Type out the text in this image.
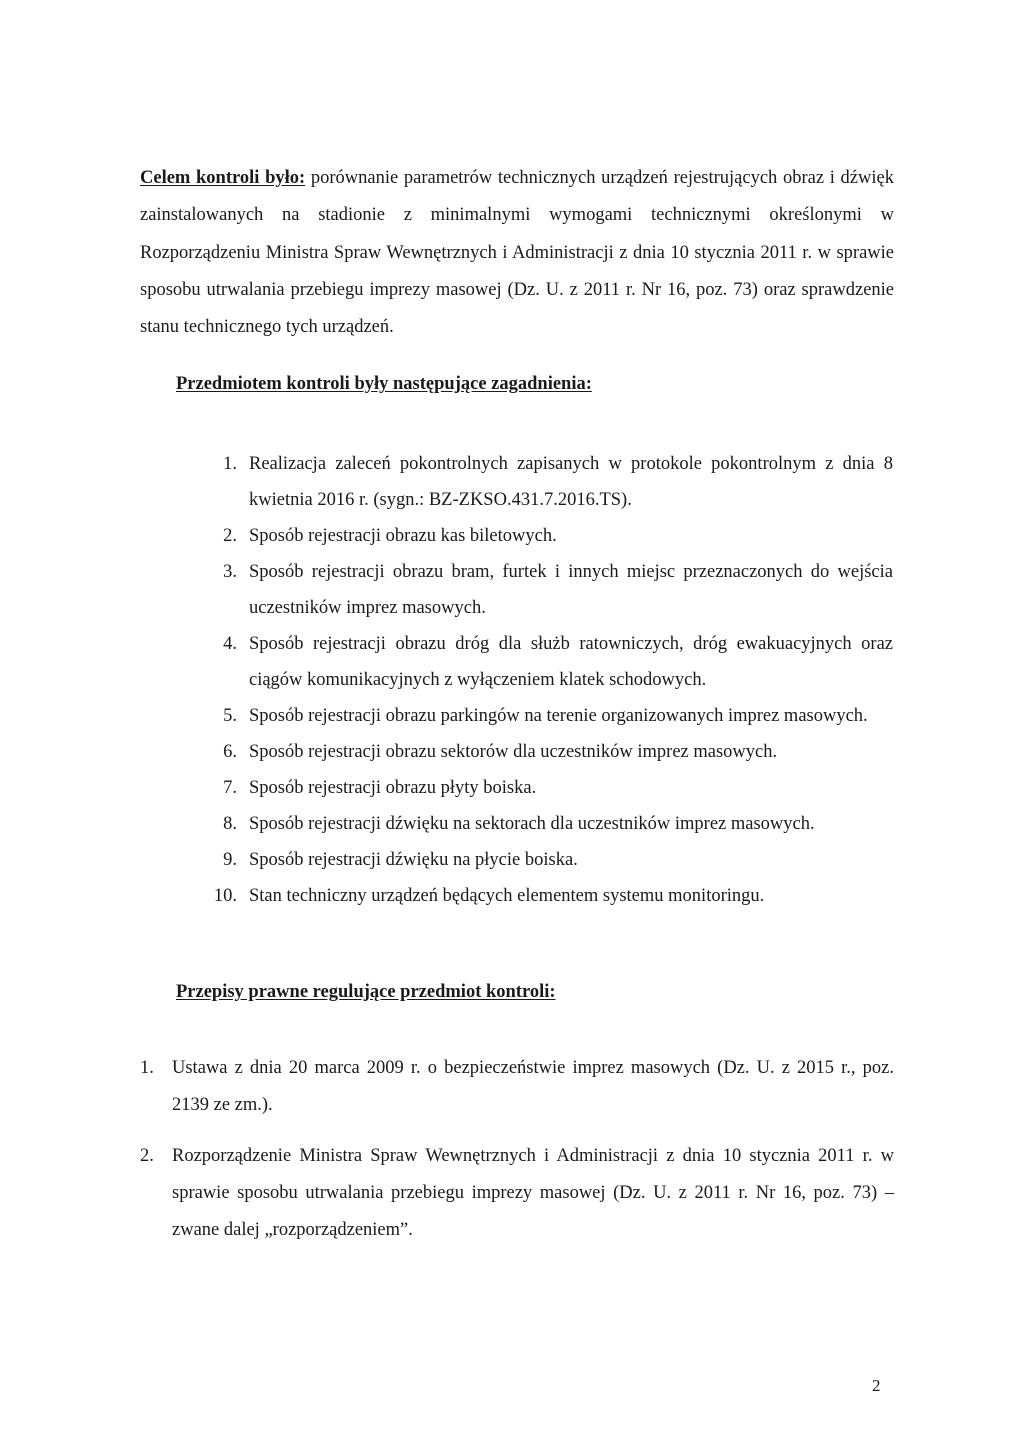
Celem kontroli było: porównanie parametrów technicznych urządzeń rejestrujących obraz i dźwięk zainstalowanych na stadionie z minimalnymi wymogami technicznymi określonymi w Rozporządzeniu Ministra Spraw Wewnętrznych i Administracji z dnia 10 stycznia 2011 r. w sprawie sposobu utrwalania przebiegu imprezy masowej (Dz. U. z 2011 r. Nr 16, poz. 73) oraz sprawdzenie stanu technicznego tych urządzeń.

Przedmiotem kontroli były następujące zagadnienia:
1. Realizacja zaleceń pokontrolnych zapisanych w protokole pokontrolnym z dnia 8 kwietnia 2016 r. (sygn.: BZ-ZKSO.431.7.2016.TS).
2. Sposób rejestracji obrazu kas biletowych.
3. Sposób rejestracji obrazu bram, furtek i innych miejsc przeznaczonych do wejścia uczestników imprez masowych.
4. Sposób rejestracji obrazu dróg dla służb ratowniczych, dróg ewakuacyjnych oraz ciągów komunikacyjnych z wyłączeniem klatek schodowych.
5. Sposób rejestracji obrazu parkingów na terenie organizowanych imprez masowych.
6. Sposób rejestracji obrazu sektorów dla uczestników imprez masowych.
7. Sposób rejestracji obrazu płyty boiska.
8. Sposób rejestracji dźwięku na sektorach dla uczestników imprez masowych.
9. Sposób rejestracji dźwięku na płycie boiska.
10. Stan techniczny urządzeń będących elementem systemu monitoringu.
Przepisy prawne regulujące przedmiot kontroli:
1. Ustawa z dnia 20 marca 2009 r. o bezpieczeństwie imprez masowych (Dz. U. z 2015 r., poz. 2139 ze zm.).
2. Rozporządzenie Ministra Spraw Wewnętrznych i Administracji z dnia 10 stycznia 2011 r. w sprawie sposobu utrwalania przebiegu imprezy masowej (Dz. U. z 2011 r. Nr 16, poz. 73) – zwane dalej „rozporządzeniem”.
2
